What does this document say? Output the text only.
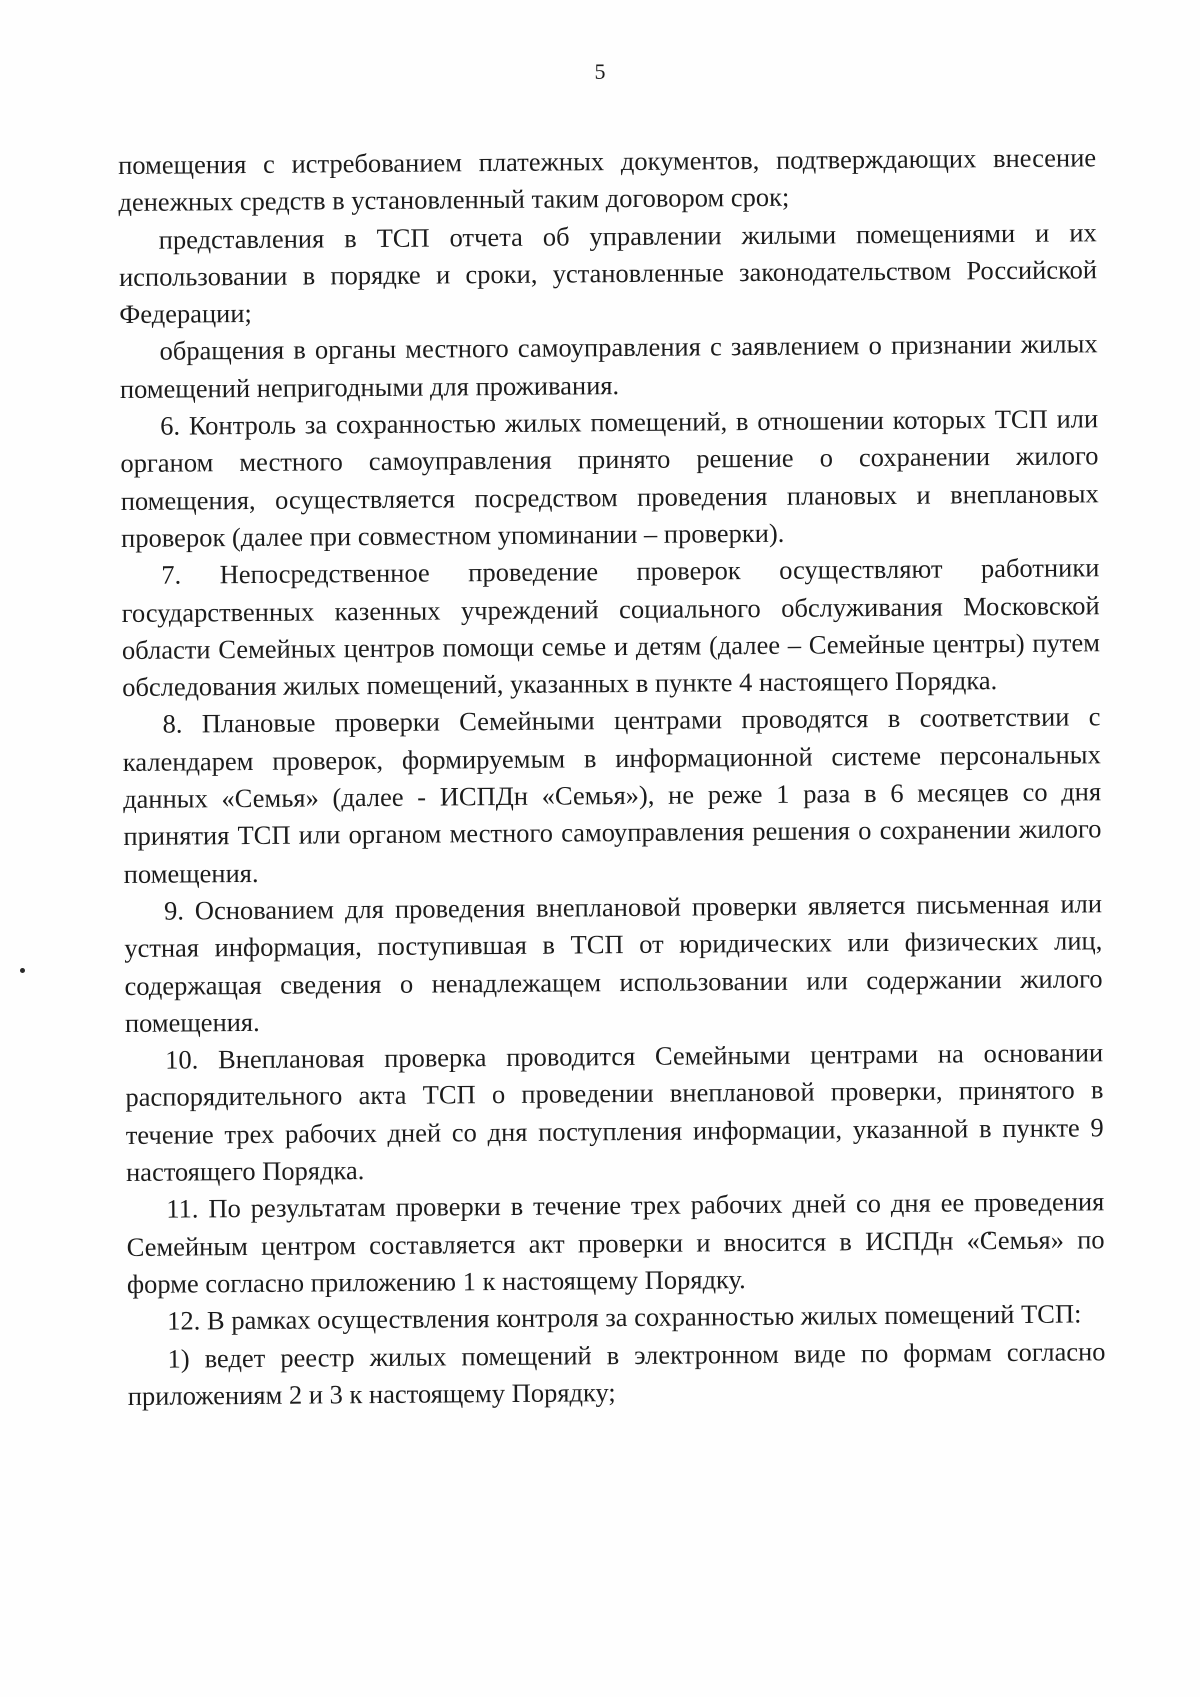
5

помещения с истребованием платежных документов, подтверждающих внесение денежных средств в установленный таким договором срок;

представления в ТСП отчета об управлении жилыми помещениями и их использовании в порядке и сроки, установленные законодательством Российской Федерации;

обращения в органы местного самоуправления с заявлением о признании жилых помещений непригодными для проживания.

6. Контроль за сохранностью жилых помещений, в отношении которых ТСП или органом местного самоуправления принято решение о сохранении жилого помещения, осуществляется посредством проведения плановых и внеплановых проверок (далее при совместном упоминании – проверки).

7. Непосредственное проведение проверок осуществляют работники государственных казенных учреждений социального обслуживания Московской области Семейных центров помощи семье и детям (далее – Семейные центры) путем обследования жилых помещений, указанных в пункте 4 настоящего Порядка.

8. Плановые проверки Семейными центрами проводятся в соответствии с календарем проверок, формируемым в информационной системе персональных данных «Семья» (далее - ИСПДн «Семья»), не реже 1 раза в 6 месяцев со дня принятия ТСП или органом местного самоуправления решения о сохранении жилого помещения.

9. Основанием для проведения внеплановой проверки является письменная или устная информация, поступившая в ТСП от юридических или физических лиц, содержащая сведения о ненадлежащем использовании или содержании жилого помещения.

10. Внеплановая проверка проводится Семейными центрами на основании распорядительного акта ТСП о проведении внеплановой проверки, принятого в течение трех рабочих дней со дня поступления информации, указанной в пункте 9 настоящего Порядка.

11. По результатам проверки в течение трех рабочих дней со дня ее проведения Семейным центром составляется акт проверки и вносится в ИСПДн «Семья» по форме согласно приложению 1 к настоящему Порядку.

12. В рамках осуществления контроля за сохранностью жилых помещений ТСП:

1) ведет реестр жилых помещений в электронном виде по формам согласно приложениям 2 и 3 к настоящему Порядку;
